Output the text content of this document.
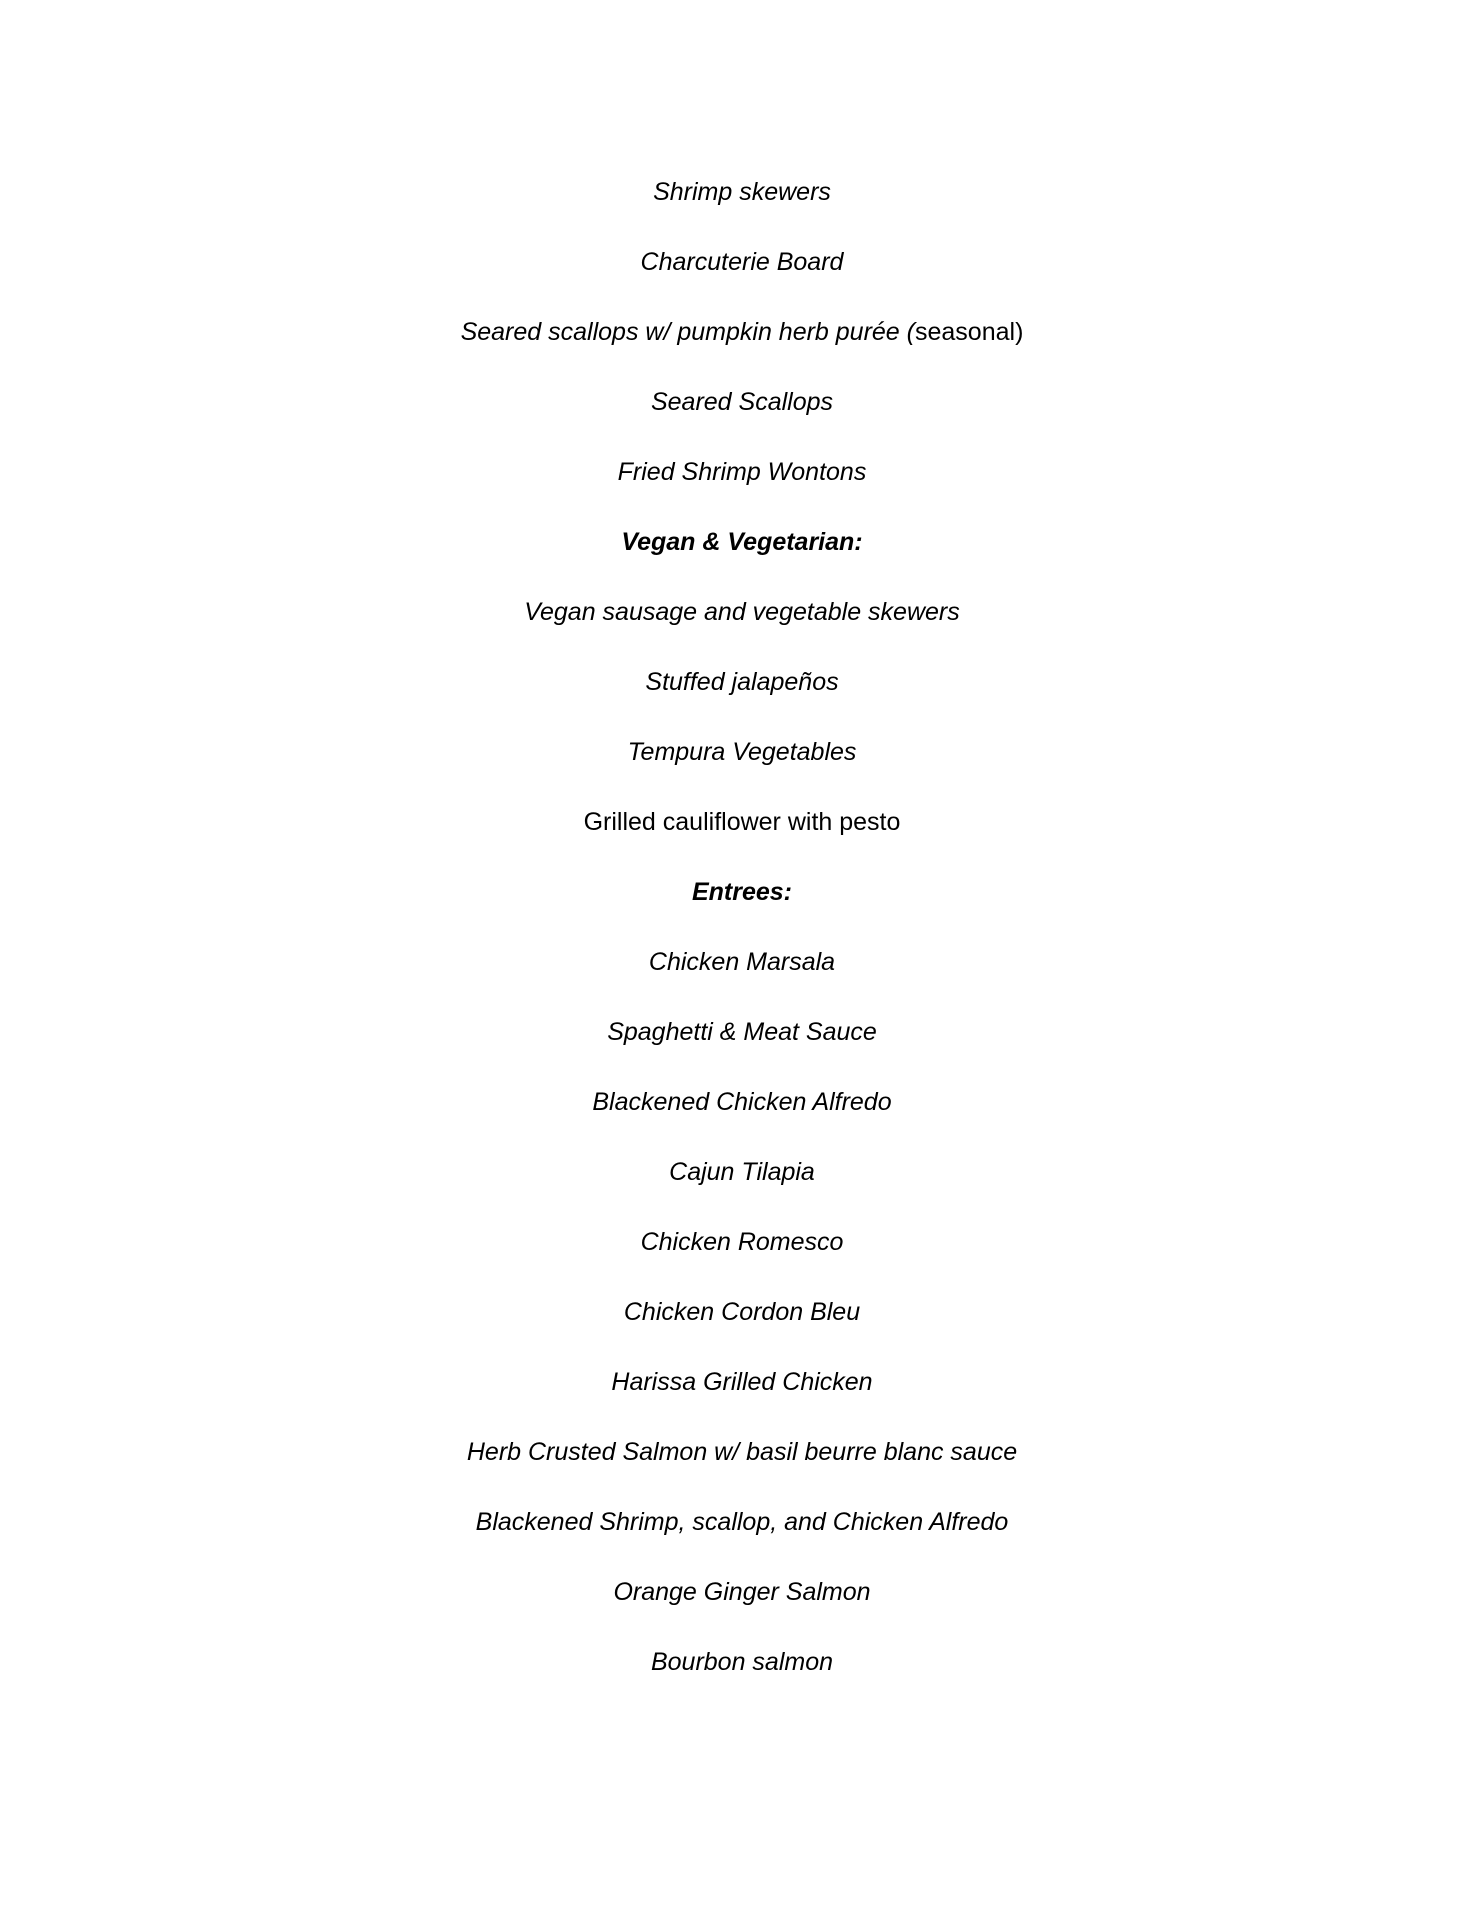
Shrimp skewers
Charcuterie Board
Seared scallops w/ pumpkin herb purée (seasonal)
Seared Scallops
Fried Shrimp Wontons
Vegan & Vegetarian:
Vegan sausage and vegetable skewers
Stuffed jalapeños
Tempura Vegetables
Grilled cauliflower with pesto
Entrees:
Chicken Marsala
Spaghetti & Meat Sauce
Blackened Chicken Alfredo
Cajun Tilapia
Chicken Romesco
Chicken Cordon Bleu
Harissa Grilled Chicken
Herb Crusted Salmon w/ basil beurre blanc sauce
Blackened Shrimp, scallop, and Chicken Alfredo
Orange Ginger Salmon
Bourbon salmon
